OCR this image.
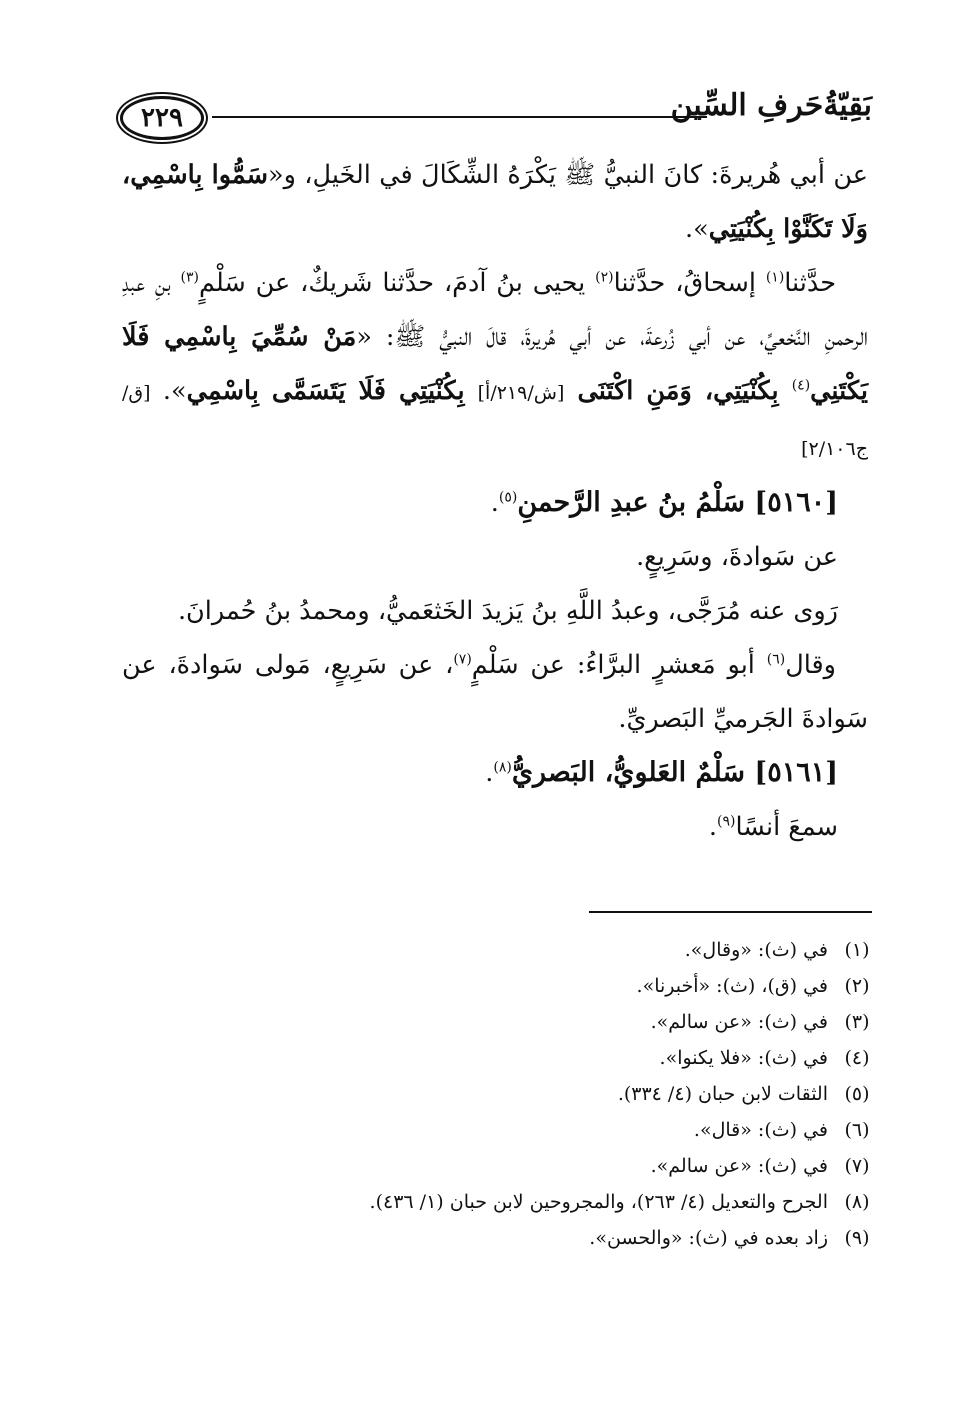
٢٢٩	بَقِيّةُحَرفِ السِّين

عن أبي هُريرةَ: كانَ النبيُّ ﷺ يَكْرَهُ الشِّكَالَ في الخَيلِ، و«سَمُّوا بِاسْمِي، وَلَا تَكَنَّوْا بِكُنْيَتِي».

حدَّثنا$^{(١)}$ إسحاقُ، حدَّثنا$^{(٢)}$ يحيى بنُ آدمَ، حدَّثنا شَريكٌ، عن سَلْمٍ$^{(٣)}$ بنِ عبدِ الرحمنِ النَّخعيِّ، عن أبي زُرعةَ، عن أبي هُريرةَ، قالَ النبيُّ ﷺ: «مَنْ سُمِّيَ بِاسْمِي فَلَا يَكْتَنِي$^{(٤)}$ بِكُنْيَتِي، وَمَنِ اكْتَنَى [ش/٢١٩/أ] بِكُنْيَتِي فَلَا يَتَسَمَّى بِاسْمِي». [ق/ج٢/١٠٦]

[٥١٦٠] سَلْمُ بنُ عبدِ الرَّحمنِ$^{(٥)}$.

عن سَوادةَ، وسَرِيعٍ.

رَوى عنه مُرَجَّى، وعبدُ اللَّهِ بنُ يَزيدَ الخَثعَميُّ، ومحمدُ بنُ حُمرانَ.

وقال$^{(٦)}$ أبو مَعشرٍ البرَّاءُ: عن سَلْمٍ$^{(٧)}$، عن سَرِيعٍ، مَولى سَوادةَ، عن سَوادةَ الجَرميِّ البَصريِّ.

[٥١٦١] سَلْمٌ العَلويُّ، البَصريُّ$^{(٨)}$.

سمعَ أنسًا$^{(٩)}$.

(١)
في (ث): «وقال».
(٢)
في (ق)، (ث): «أخبرنا».
(٣)
في (ث): «عن سالم».
(٤)
في (ث): «فلا يكنوا».
(٥)
الثقات لابن حبان (٤/ ٣٣٤).
(٦)
في (ث): «قال».
(٧)
في (ث): «عن سالم».
(٨)
الجرح والتعديل (٤/ ٢٦٣)، والمجروحين لابن حبان (١/ ٤٣٦).
(٩)
زاد بعده في (ث): «والحسن».
